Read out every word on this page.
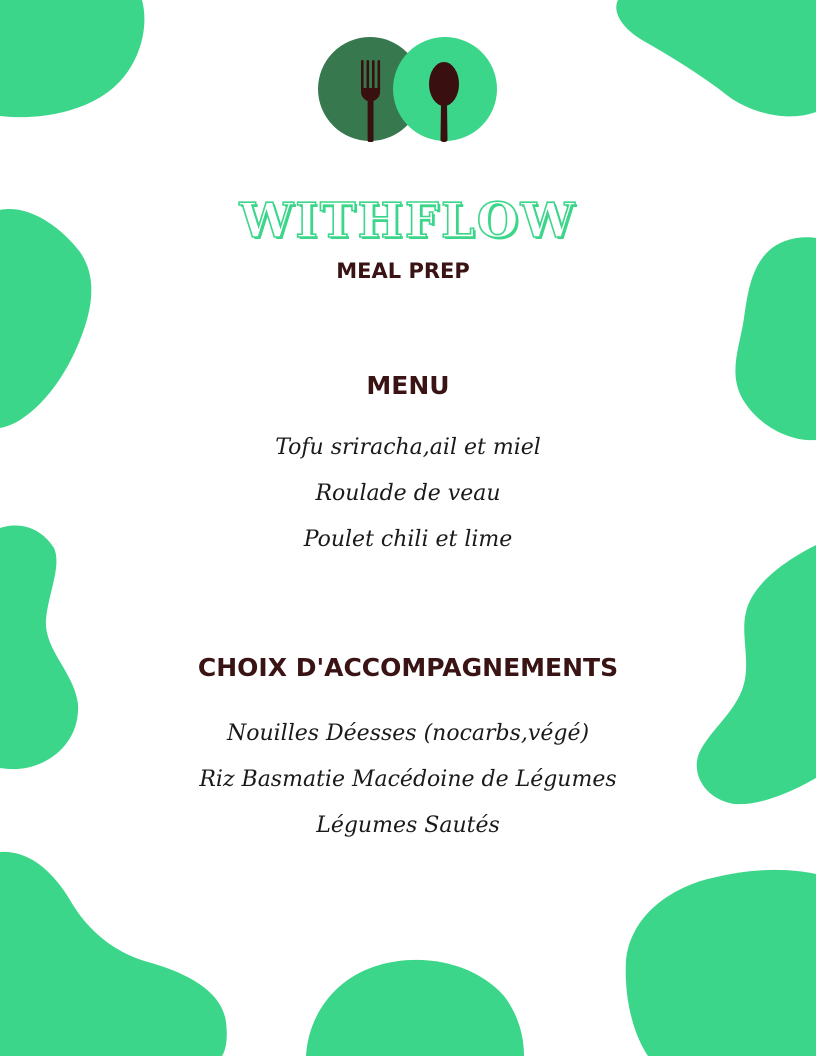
WITHFLOW
MEAL PREP
MENU
Tofu sriracha,ail et miel
Roulade de veau
Poulet chili et lime
CHOIX D'ACCOMPAGNEMENTS
Nouilles Déesses (nocarbs,végé)
Riz Basmatie Macédoine de Légumes
Légumes Sautés
